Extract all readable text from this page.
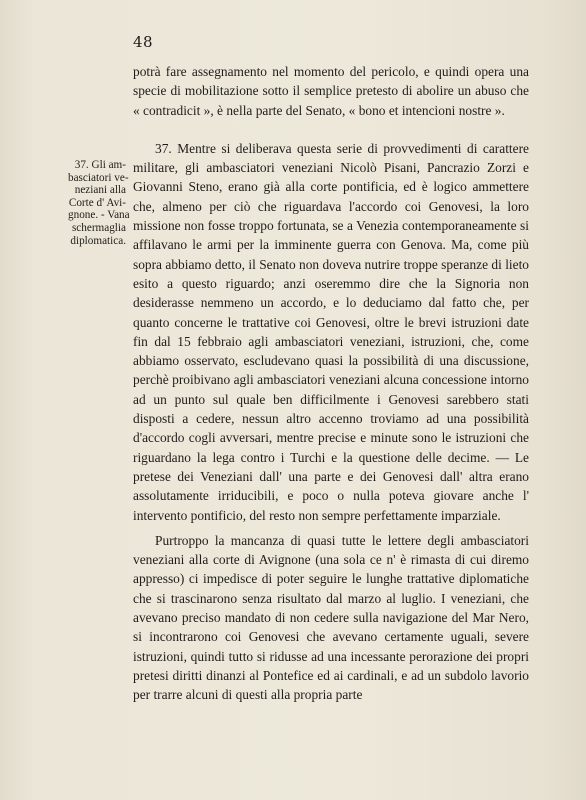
48
37. Gli am-
basciatori ve-
neziani alla
Corte d' Avi-
gnone. - Vana
schermaglia
diplomatica.

potrà fare assegnamento nel momento del pericolo, e quindi opera una specie di mobilitazione sotto il semplice pretesto di abolire un abuso che « contradicit », è nella parte del Senato, « bono et intencioni nostre ».

37. Mentre si deliberava questa serie di provvedimenti di carattere militare, gli ambasciatori veneziani Nicolò Pisani, Pancrazio Zorzi e Giovanni Steno, erano già alla corte pontificia, ed è logico ammettere che, almeno per ciò che riguardava l'accordo coi Genovesi, la loro missione non fosse troppo fortunata, se a Venezia contemporaneamente si affilavano le armi per la imminente guerra con Genova. Ma, come più sopra abbiamo detto, il Senato non doveva nutrire troppe speranze di lieto esito a questo riguardo; anzi oseremmo dire che la Signoria non desiderasse nemmeno un accordo, e lo deduciamo dal fatto che, per quanto concerne le trattative coi Genovesi, oltre le brevi istruzioni date fin dal 15 febbraio agli ambasciatori veneziani, istruzioni, che, come abbiamo osservato, escludevano quasi la possibilità di una discussione, perchè proibivano agli ambasciatori veneziani alcuna concessione intorno ad un punto sul quale ben difficilmente i Genovesi sarebbero stati disposti a cedere, nessun altro accenno troviamo ad una possibilità d'accordo cogli avversari, mentre precise e minute sono le istruzioni che riguardano la lega contro i Turchi e la questione delle decime. — Le pretese dei Veneziani dall' una parte e dei Genovesi dall' altra erano assolutamente irriducibili, e poco o nulla poteva giovare anche l' intervento pontificio, del resto non sempre perfettamente imparziale.

Purtroppo la mancanza di quasi tutte le lettere degli ambasciatori veneziani alla corte di Avignone (una sola ce n' è rimasta di cui diremo appresso) ci impedisce di poter seguire le lunghe trattative diplomatiche che si trascinarono senza risultato dal marzo al luglio. I veneziani, che avevano preciso mandato di non cedere sulla navigazione del Mar Nero, si incontrarono coi Genovesi che avevano certamente uguali, severe istruzioni, quindi tutto si ridusse ad una incessante perorazione dei propri pretesi diritti dinanzi al Pontefice ed ai cardinali, e ad un subdolo lavorio per trarre alcuni di questi alla propria parte
